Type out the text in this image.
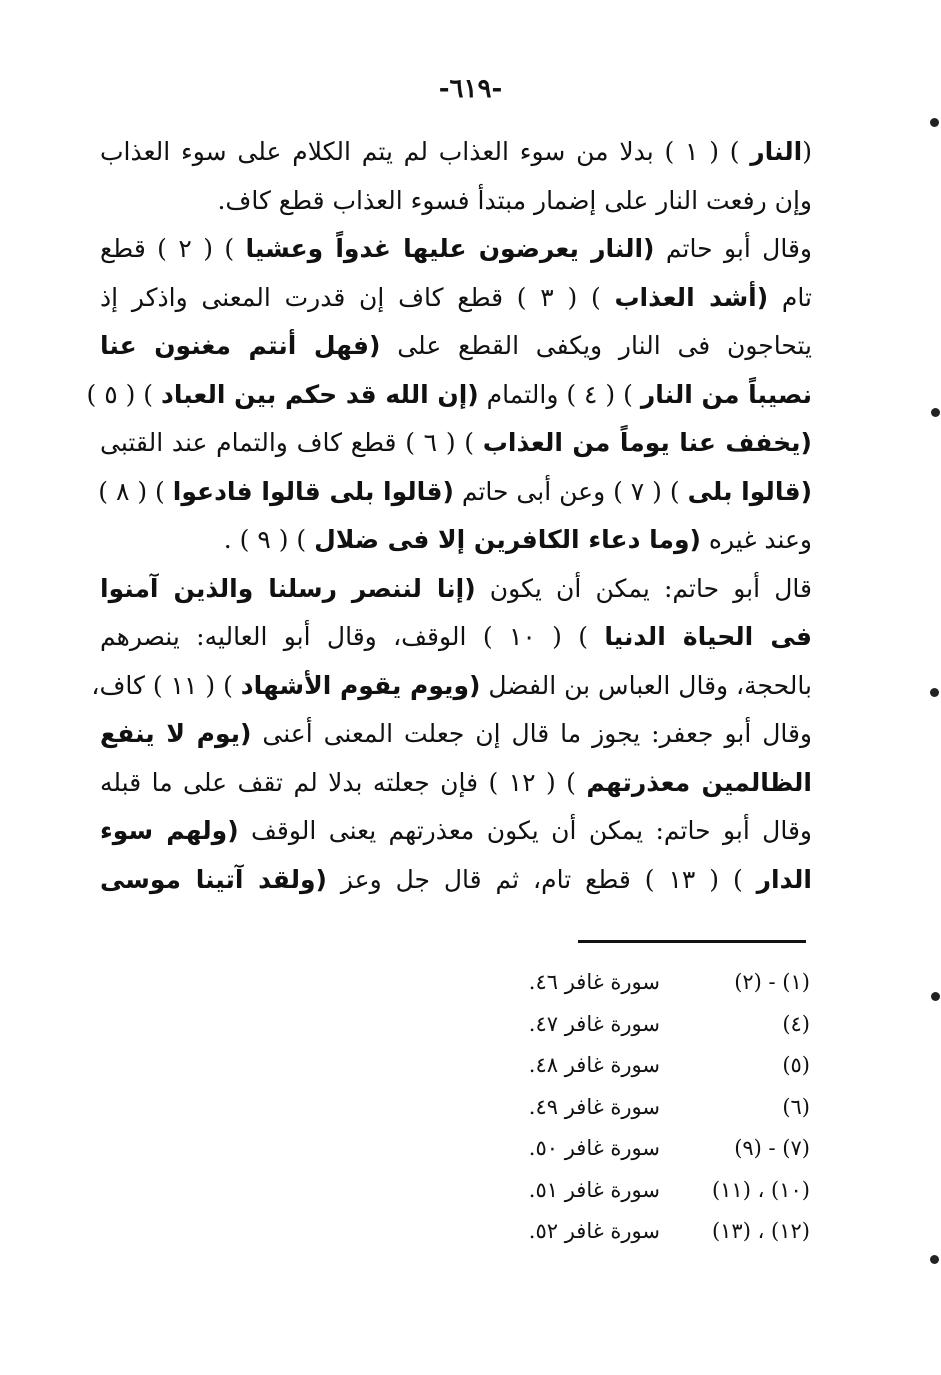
-٦١٩-
(النار ) ( ١ ) بدلا من سوء العذاب لم يتم الكلام على سوء العذاب
وإن رفعت النار على إضمار مبتدأ فسوء العذاب قطع كاف.
وقال أبو حاتم (النار يعرضون عليها غدواً وعشيا ) ( ٢ ) قطع
تام (أشد العذاب ) ( ٣ ) قطع كاف إن قدرت المعنى واذكر إذ
يتحاجون فى النار ويكفى القطع على (فهل أنتم مغنون عنا
نصيباً من النار ) ( ٤ ) والتمام (إن الله قد حكم بين العباد ) ( ٥ )
(يخفف عنا يوماً من العذاب ) ( ٦ ) قطع كاف والتمام عند القتبى
(قالوا بلى ) ( ٧ ) وعن أبى حاتم (قالوا بلى قالوا فادعوا ) ( ٨ )
وعند غيره (وما دعاء الكافرين إلا فى ضلال ) ( ٩ ) .
قال أبو حاتم: يمكن أن يكون (إنا لننصر رسلنا والذين آمنوا
فى الحياة الدنيا ) ( ١٠ ) الوقف، وقال أبو العاليه: ينصرهم
بالحجة، وقال العباس بن الفضل (ويوم يقوم الأشهاد ) ( ١١ ) كاف،
وقال أبو جعفر: يجوز ما قال إن جعلت المعنى أعنى (يوم لا ينفع
الظالمين معذرتهم ) ( ١٢ ) فإن جعلته بدلا لم تقف على ما قبله
وقال أبو حاتم: يمكن أن يكون معذرتهم يعنى الوقف (ولهم سوء
الدار ) ( ١٣ ) قطع تام، ثم قال جل وعز (ولقد آتينا موسى
(١) - (٢)
سورة غافر ٤٦.
(٤)
سورة غافر ٤٧.
(٥)
سورة غافر ٤٨.
(٦)
سورة غافر ٤٩.
(٧) - (٩)
سورة غافر ٥٠.
(١٠) ، (١١)
سورة غافر ٥١.
(١٢) ، (١٣)
سورة غافر ٥٢.
